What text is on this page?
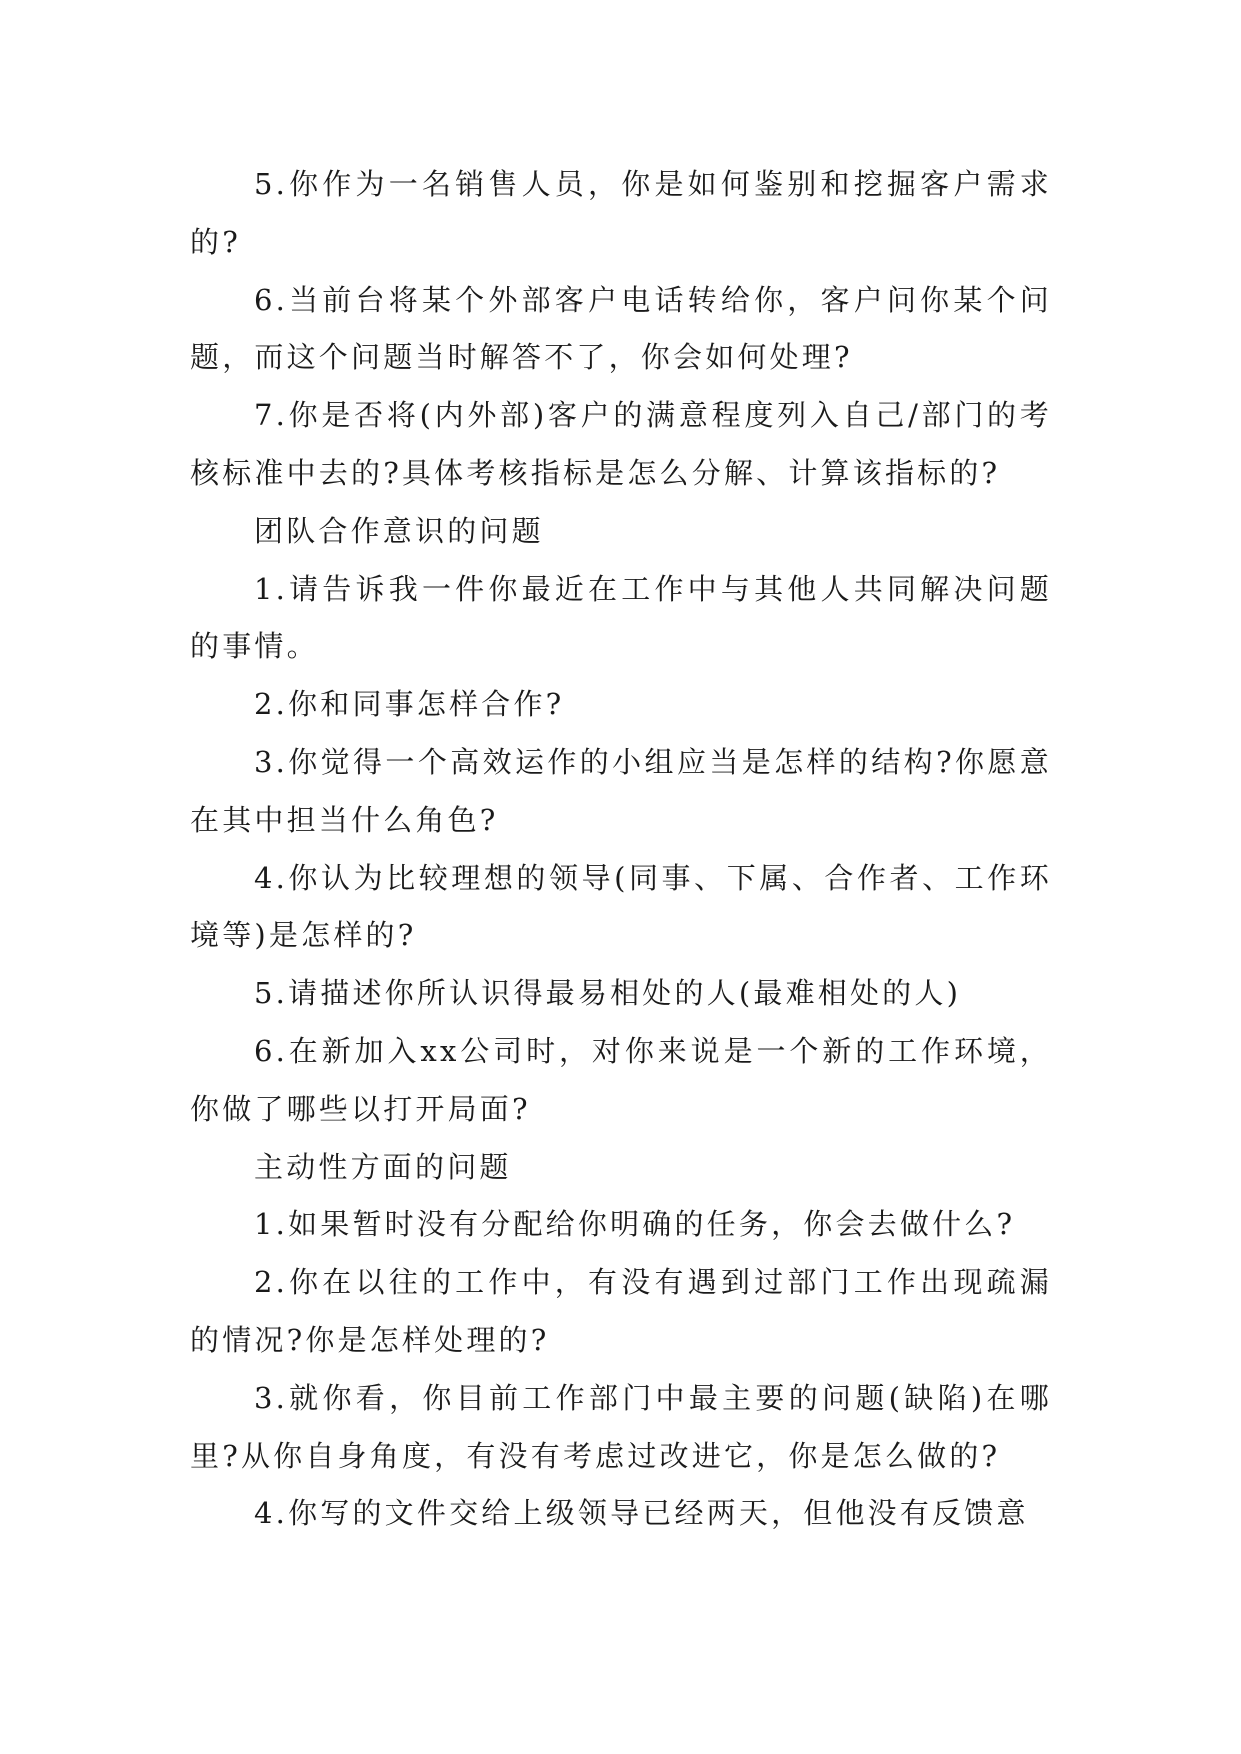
5.你作为一名销售人员，你是如何鉴别和挖掘客户需求的?

6.当前台将某个外部客户电话转给你，客户问你某个问题，而这个问题当时解答不了，你会如何处理?

7.你是否将(内外部)客户的满意程度列入自己/部门的考核标准中去的?具体考核指标是怎么分解、计算该指标的?

团队合作意识的问题

1.请告诉我一件你最近在工作中与其他人共同解决问题的事情。

2.你和同事怎样合作?

3.你觉得一个高效运作的小组应当是怎样的结构?你愿意在其中担当什么角色?

4.你认为比较理想的领导(同事、下属、合作者、工作环境等)是怎样的?

5.请描述你所认识得最易相处的人(最难相处的人)

6.在新加入xx公司时，对你来说是一个新的工作环境，你做了哪些以打开局面?

主动性方面的问题

1.如果暂时没有分配给你明确的任务，你会去做什么?

2.你在以往的工作中，有没有遇到过部门工作出现疏漏的情况?你是怎样处理的?

3.就你看，你目前工作部门中最主要的问题(缺陷)在哪里?从你自身角度，有没有考虑过改进它，你是怎么做的?

4.你写的文件交给上级领导已经两天，但他没有反馈意
